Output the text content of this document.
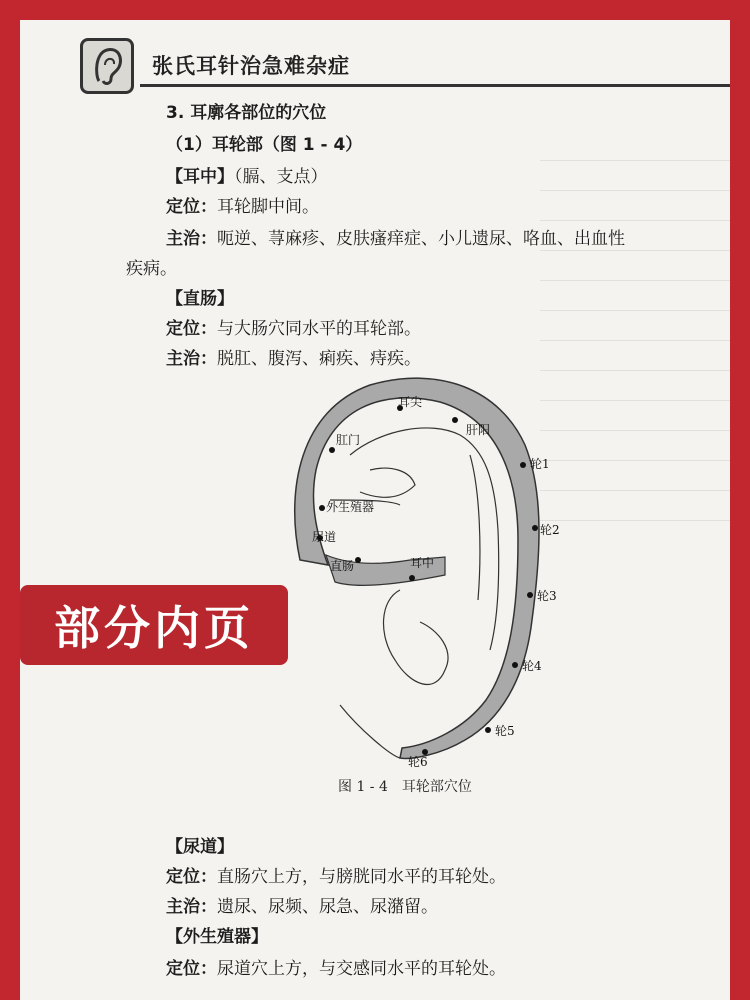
张氏耳针治急难杂症
3. 耳廓各部位的穴位
（1）耳轮部（图 1 - 4）
【耳中】（膈、支点）
定位：耳轮脚中间。
主治：呃逆、荨麻疹、皮肤瘙痒症、小儿遗尿、咯血、出血性
疾病。
【直肠】
定位：与大肠穴同水平的耳轮部。
主治：脱肛、腹泻、痢疾、痔疾。
耳尖
肛门
肝阳
轮1
外生殖器
轮2
尿道
直肠	耳中
轮3
轮4
轮5
轮6
图 1 - 4　耳轮部穴位
【尿道】
定位：直肠穴上方，与膀胱同水平的耳轮处。
主治：遗尿、尿频、尿急、尿潴留。
【外生殖器】
定位：尿道穴上方，与交感同水平的耳轮处。
部分内页
